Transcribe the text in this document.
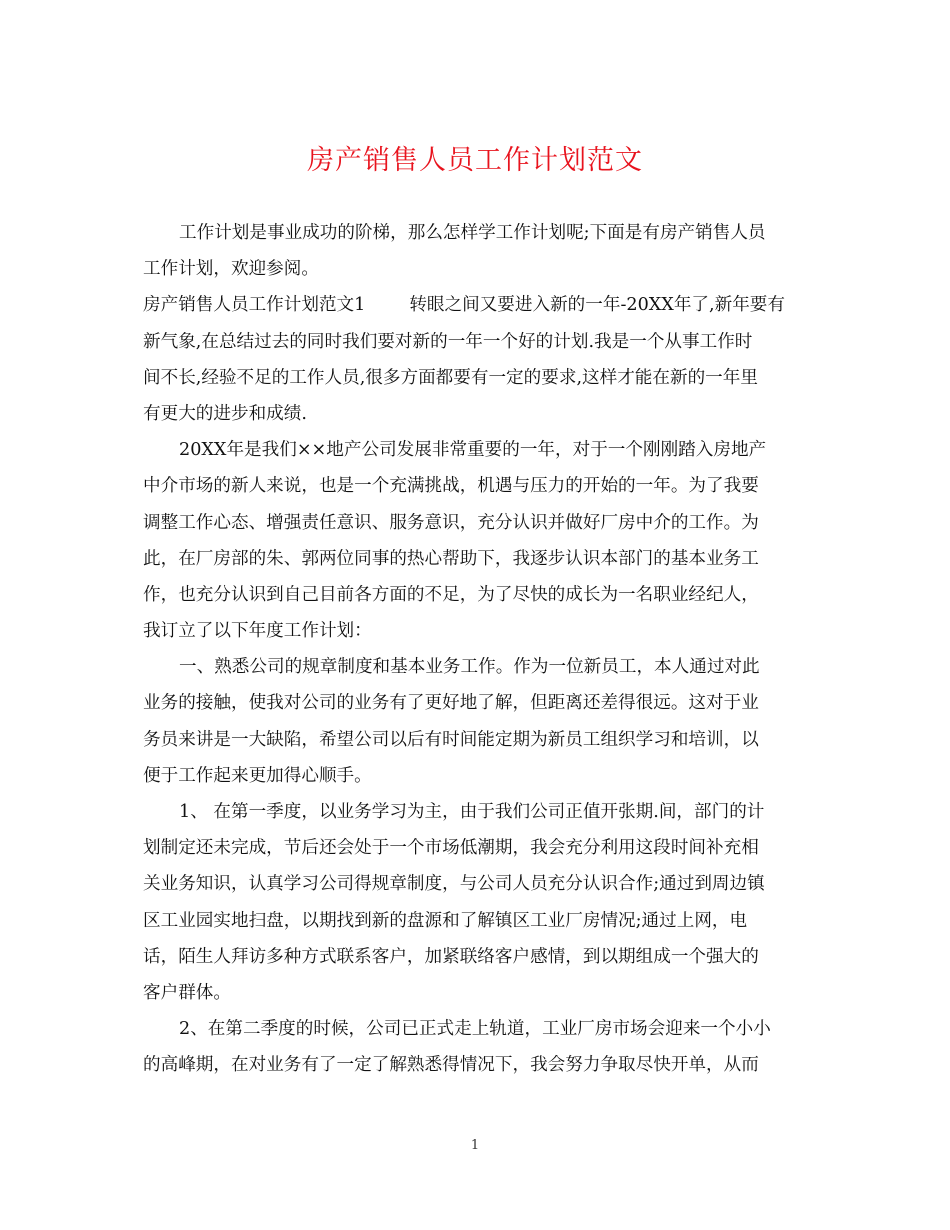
房产销售人员工作计划范文
工作计划是事业成功的阶梯，那么怎样学工作计划呢;下面是有房产销售人员
工作计划，欢迎参阅。
房产销售人员工作计划范文1	转眼之间又要进入新的一年-20XX年了,新年要有
新气象,在总结过去的同时我们要对新的一年一个好的计划.我是一个从事工作时
间不长,经验不足的工作人员,很多方面都要有一定的要求,这样才能在新的一年里
有更大的进步和成绩.
20XX年是我们××地产公司发展非常重要的一年，对于一个刚刚踏入房地产
中介市场的新人来说，也是一个充满挑战，机遇与压力的开始的一年。为了我要
调整工作心态、增强责任意识、服务意识，充分认识并做好厂房中介的工作。为
此，在厂房部的朱、郭两位同事的热心帮助下，我逐步认识本部门的基本业务工
作，也充分认识到自己目前各方面的不足，为了尽快的成长为一名职业经纪人，
我订立了以下年度工作计划：
一、熟悉公司的规章制度和基本业务工作。作为一位新员工，本人通过对此
业务的接触，使我对公司的业务有了更好地了解，但距离还差得很远。这对于业
务员来讲是一大缺陷，希望公司以后有时间能定期为新员工组织学习和培训，以
便于工作起来更加得心顺手。
1、 在第一季度，以业务学习为主，由于我们公司正值开张期.间，部门的计
划制定还未完成，节后还会处于一个市场低潮期，我会充分利用这段时间补充相
关业务知识，认真学习公司得规章制度，与公司人员充分认识合作;通过到周边镇
区工业园实地扫盘，以期找到新的盘源和了解镇区工业厂房情况;通过上网，电
话，陌生人拜访多种方式联系客户，加紧联络客户感情，到以期组成一个强大的
客户群体。
2、在第二季度的时候，公司已正式走上轨道，工业厂房市场会迎来一个小小
的高峰期，在对业务有了一定了解熟悉得情况下，我会努力争取尽快开单，从而
1
